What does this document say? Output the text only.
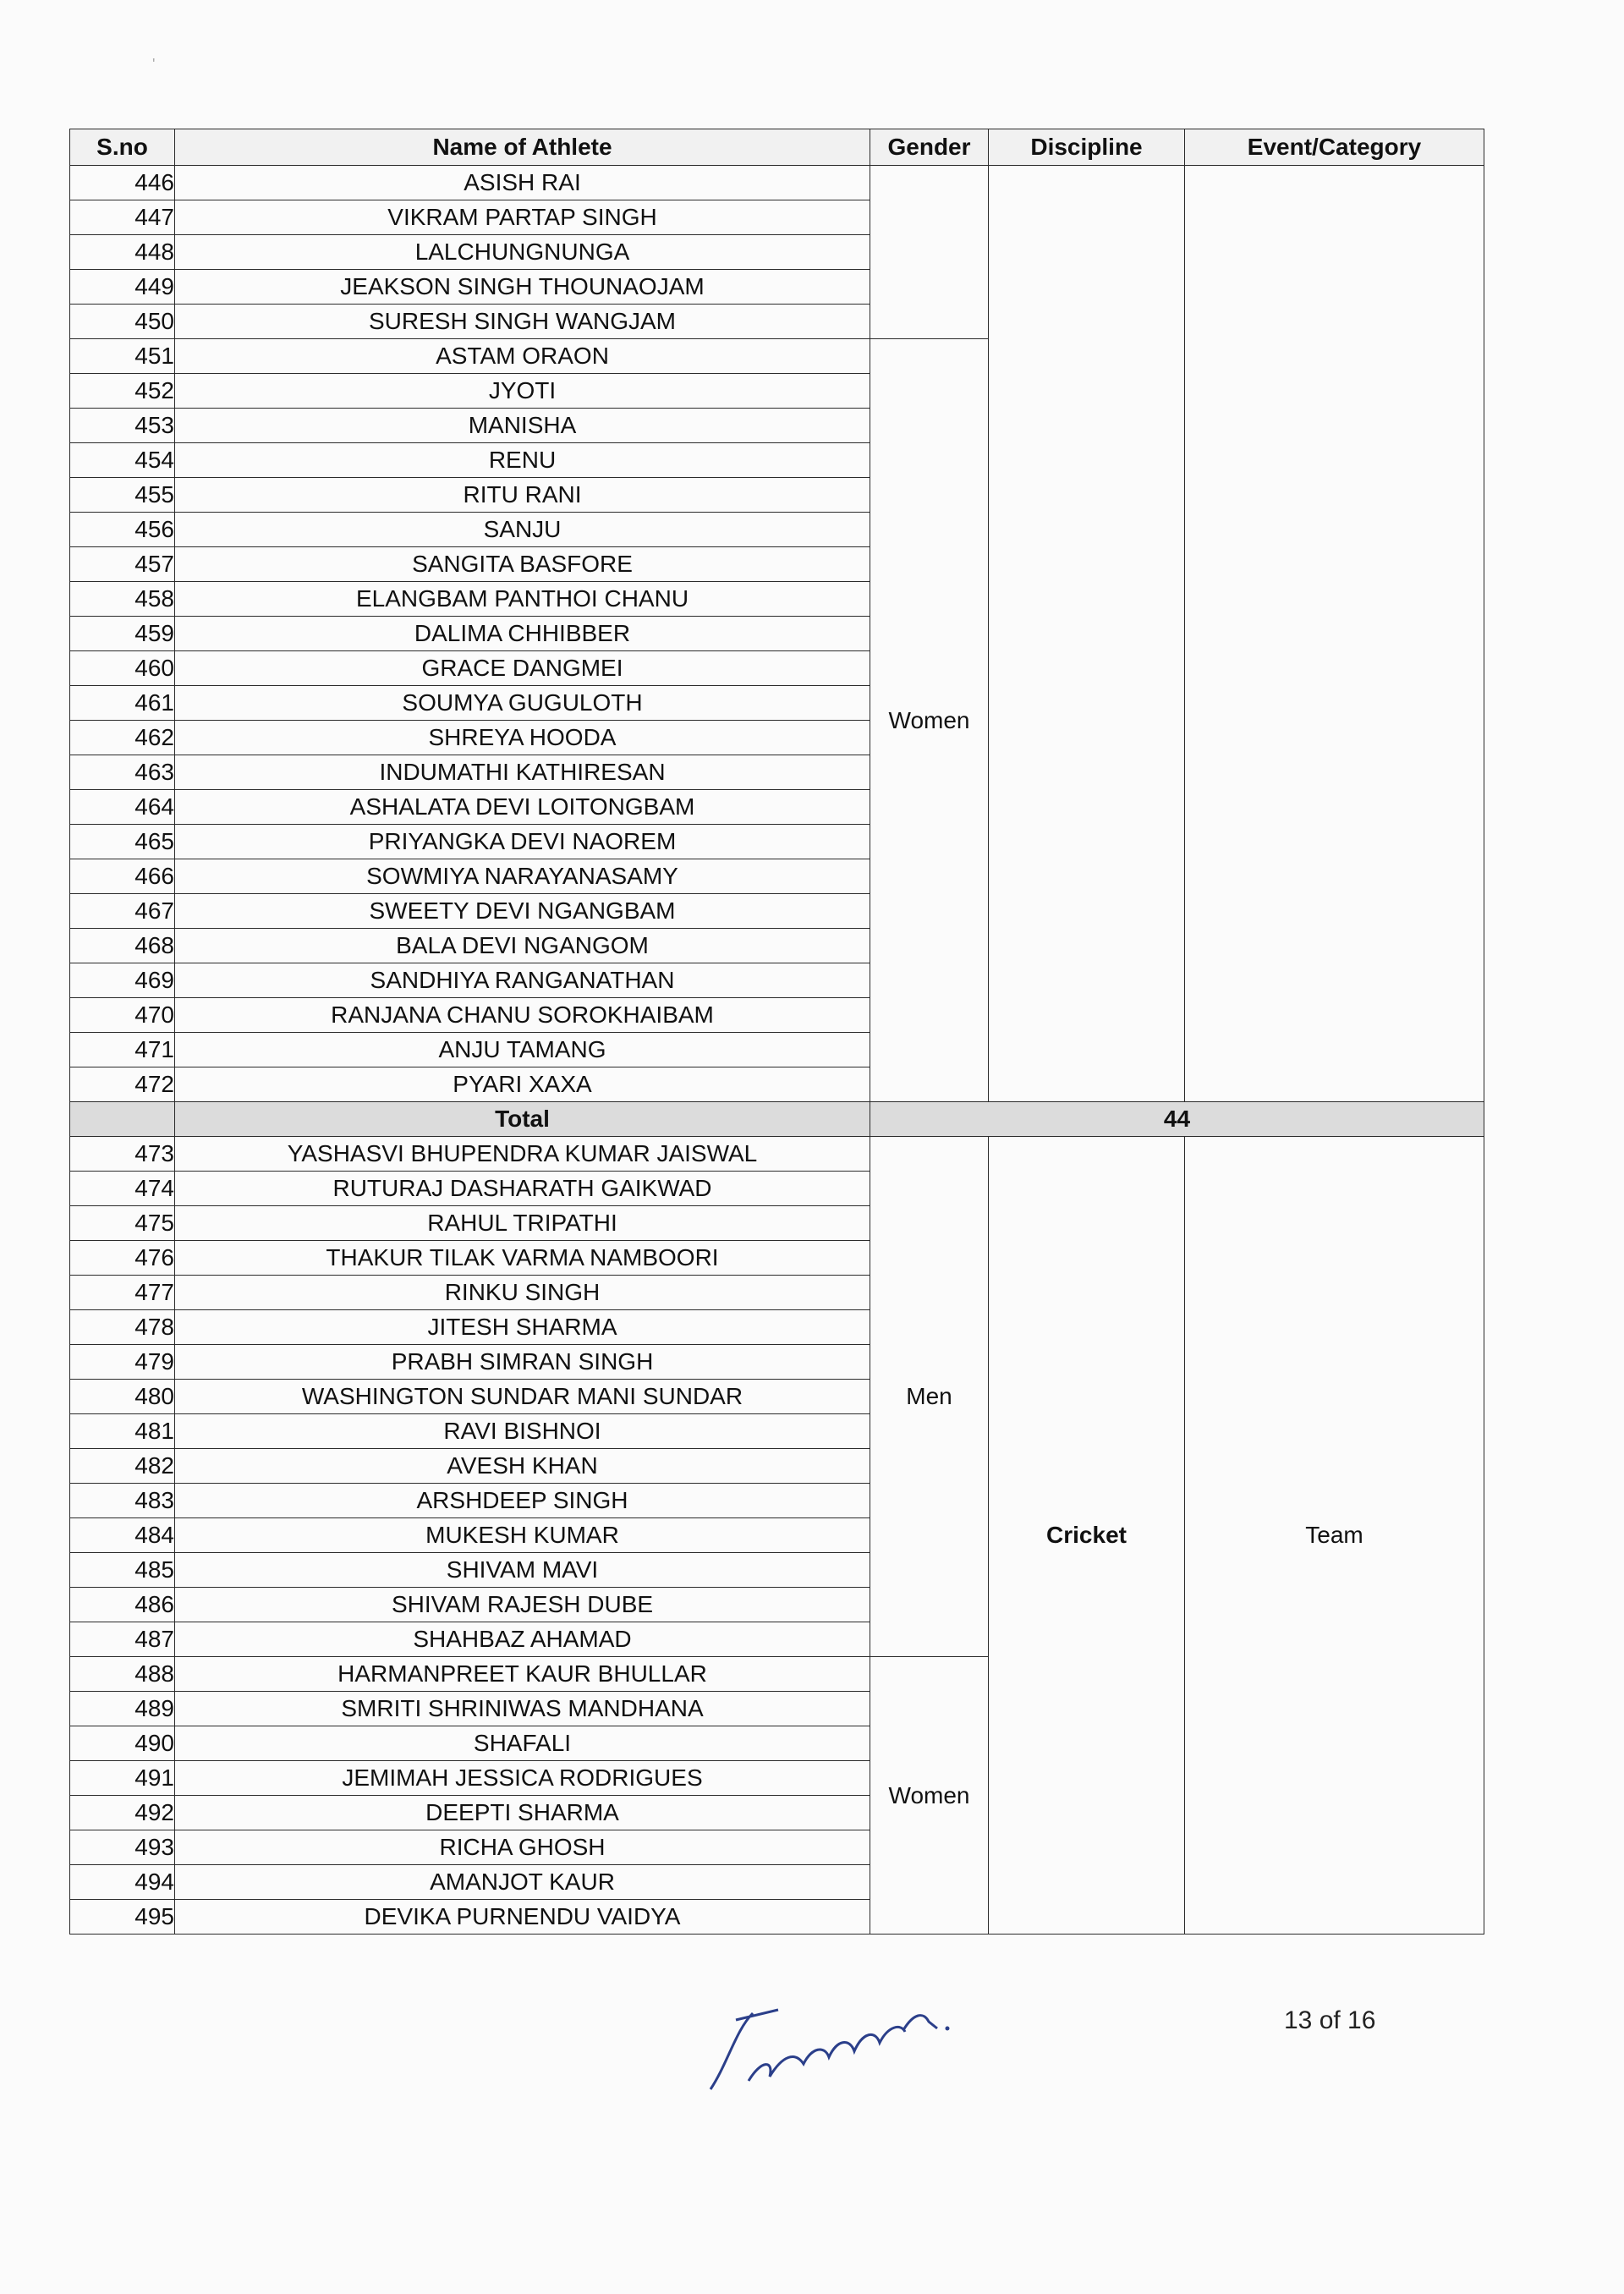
'
S.no	Name of Athlete	Gender	Discipline	Event/Category
446	ASISH RAI			
447	VIKRAM PARTAP SINGH			
448	LALCHUNGNUNGA			
449	JEAKSON SINGH THOUNAOJAM			
450	SURESH SINGH WANGJAM			
451	ASTAM ORAON	Women		
452	JYOTI			
453	MANISHA			
454	RENU			
455	RITU RANI			
456	SANJU			
457	SANGITA BASFORE			
458	ELANGBAM PANTHOI CHANU			
459	DALIMA CHHIBBER			
460	GRACE DANGMEI			
461	SOUMYA GUGULOTH			
462	SHREYA HOODA			
463	INDUMATHI KATHIRESAN			
464	ASHALATA DEVI LOITONGBAM			
465	PRIYANGKA DEVI NAOREM			
466	SOWMIYA NARAYANASAMY			
467	SWEETY DEVI NGANGBAM			
468	BALA DEVI NGANGOM			
469	SANDHIYA RANGANATHAN			
470	RANJANA CHANU SOROKHAIBAM			
471	ANJU TAMANG			
472	PYARI XAXA			
	Total	44		
473	YASHASVI BHUPENDRA KUMAR JAISWAL	Men	Cricket	Team
474	RUTURAJ DASHARATH GAIKWAD			
475	RAHUL TRIPATHI			
476	THAKUR TILAK VARMA NAMBOORI			
477	RINKU SINGH			
478	JITESH SHARMA			
479	PRABH SIMRAN SINGH			
480	WASHINGTON SUNDAR MANI SUNDAR			
481	RAVI BISHNOI			
482	AVESH KHAN			
483	ARSHDEEP SINGH			
484	MUKESH KUMAR			
485	SHIVAM MAVI			
486	SHIVAM RAJESH DUBE			
487	SHAHBAZ AHAMAD			
488	HARMANPREET KAUR BHULLAR	Women		
489	SMRITI SHRINIWAS MANDHANA			
490	SHAFALI			
491	JEMIMAH JESSICA RODRIGUES			
492	DEEPTI SHARMA			
493	RICHA GHOSH			
494	AMANJOT KAUR			
495	DEVIKA PURNENDU VAIDYA			
13 of 16
